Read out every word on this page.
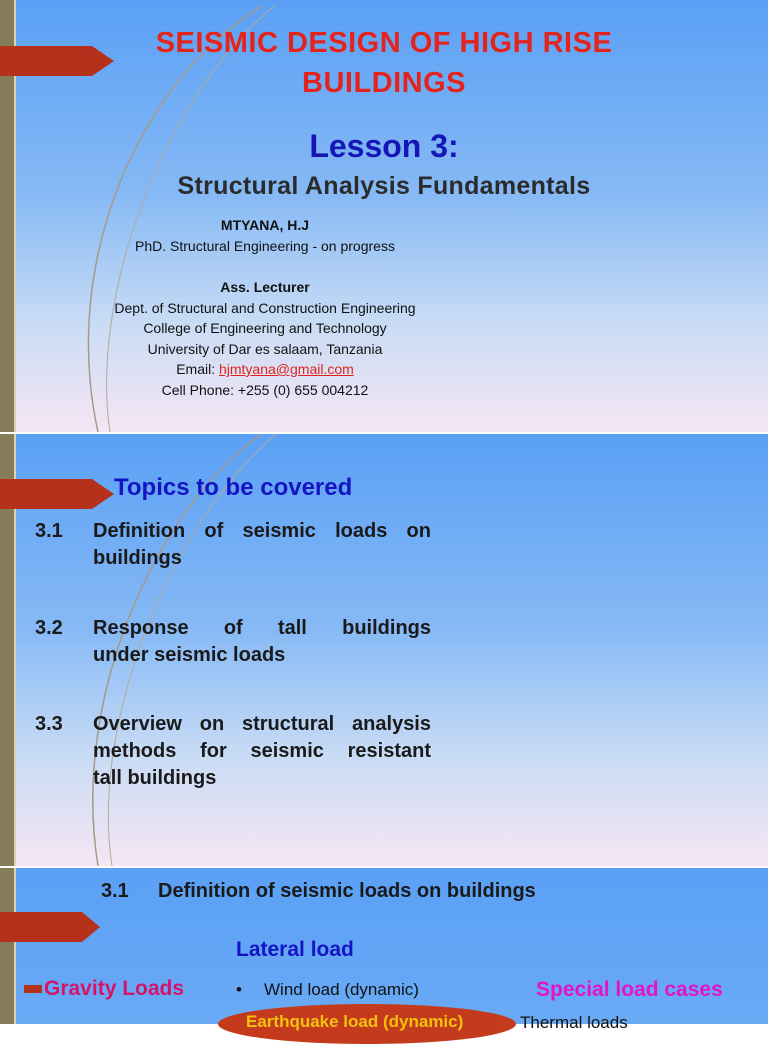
SEISMIC DESIGN OF HIGH RISE
BUILDINGS
Lesson 3:
Structural Analysis Fundamentals
MTYANA, H.J
PhD. Structural Engineering - on progress
Ass. Lecturer
Dept. of Structural and Construction Engineering
College of Engineering and Technology
University of Dar es salaam, Tanzania
Email: hjmtyana@gmail.com
Cell Phone: +255 (0) 655 004212
Topics to be covered
3.1 Definition of seismic loads on
buildings
3.2 Response of tall buildings
under seismic loads
3.3 Overview on structural analysis
methods for seismic resistant
tall buildings
3.1 Definition of seismic loads on buildings
Lateral load
Gravity Loads	Special load cases
• Wind load (dynamic)
Earthquake load (dynamic)	Thermal loads
